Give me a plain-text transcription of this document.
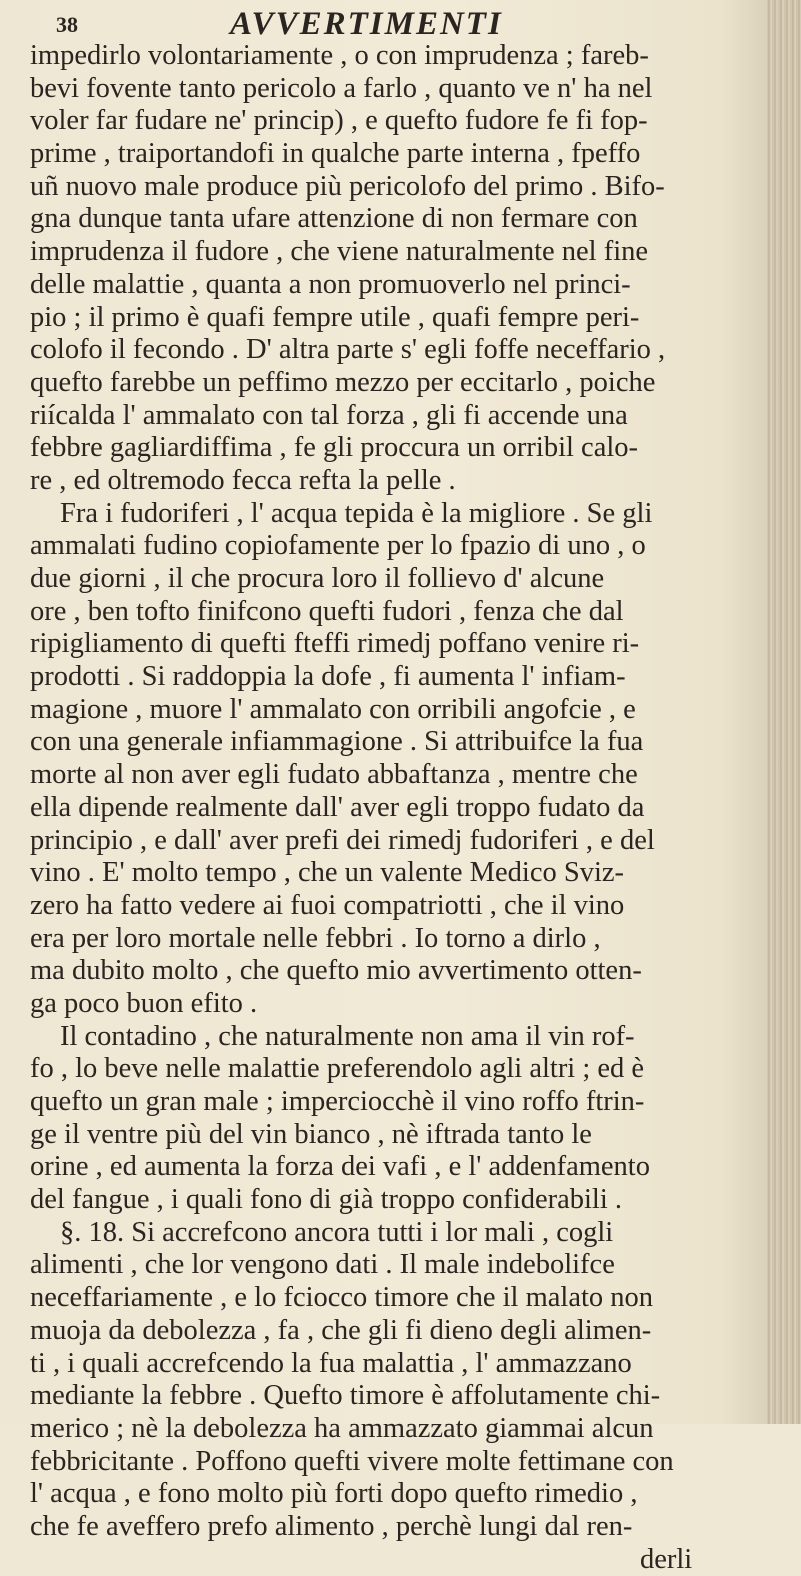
38	AVVERTIMENTI
impedirlo volontariamente , o con imprudenza ; fareb-
bevi fovente tanto pericolo a farlo , quanto ve n' ha nel
voler far fudare ne' princip) , e quefto fudore fe fi fop-
prime , traiportandofi in qualche parte interna , fpeffo
uñ nuovo male produce più pericolofo del primo . Bifo-
gna dunque tanta ufare attenzione di non fermare con
imprudenza il fudore , che viene naturalmente nel fine
delle malattie , quanta a non promuoverlo nel princi-
pio ; il primo è quafi fempre utile , quafi fempre peri-
colofo il fecondo . D' altra parte s' egli foffe neceffario ,
quefto farebbe un peffimo mezzo per eccitarlo , poiche
riícalda l' ammalato con tal forza , gli fi accende una
febbre gagliardiffima , fe gli proccura un orribil calo-
re , ed oltremodo fecca refta la pelle .
Fra i fudoriferi , l' acqua tepida è la migliore . Se gli
ammalati fudino copiofamente per lo fpazio di uno , o
due giorni , il che procura loro il follievo d' alcune
ore , ben tofto finifcono quefti fudori , fenza che dal
ripigliamento di quefti fteffi rimedj poffano venire ri-
prodotti . Si raddoppia la dofe , fi aumenta l' infiam-
magione , muore l' ammalato con orribili angofcie , e
con una generale infiammagione . Si attribuifce la fua
morte al non aver egli fudato abbaftanza , mentre che
ella dipende realmente dall' aver egli troppo fudato da
principio , e dall' aver prefi dei rimedj fudoriferi , e del
vino . E' molto tempo , che un valente Medico Sviz-
zero ha fatto vedere ai fuoi compatriotti , che il vino
era per loro mortale nelle febbri . Io torno a dirlo ,
ma dubito molto , che quefto mio avvertimento otten-
ga poco buon efito .
Il contadino , che naturalmente non ama il vin rof-
fo , lo beve nelle malattie preferendolo agli altri ; ed è
quefto un gran male ; imperciocchè il vino roffo ftrin-
ge il ventre più del vin bianco , nè iftrada tanto le
orine , ed aumenta la forza dei vafi , e l' addenfamento
del fangue , i quali fono di già troppo confiderabili .
§. 18. Si accrefcono ancora tutti i lor mali , cogli
alimenti , che lor vengono dati . Il male indebolifce
neceffariamente , e lo fciocco timore che il malato non
muoja da debolezza , fa , che gli fi dieno degli alimen-
ti , i quali accrefcendo la fua malattia , l' ammazzano
mediante la febbre . Quefto timore è affolutamente chi-
merico ; nè la debolezza ha ammazzato giammai alcun
febbricitante . Poffono quefti vivere molte fettimane con
l' acqua , e fono molto più forti dopo quefto rimedio ,
che fe aveffero prefo alimento , perchè lungi dal ren-
derli
